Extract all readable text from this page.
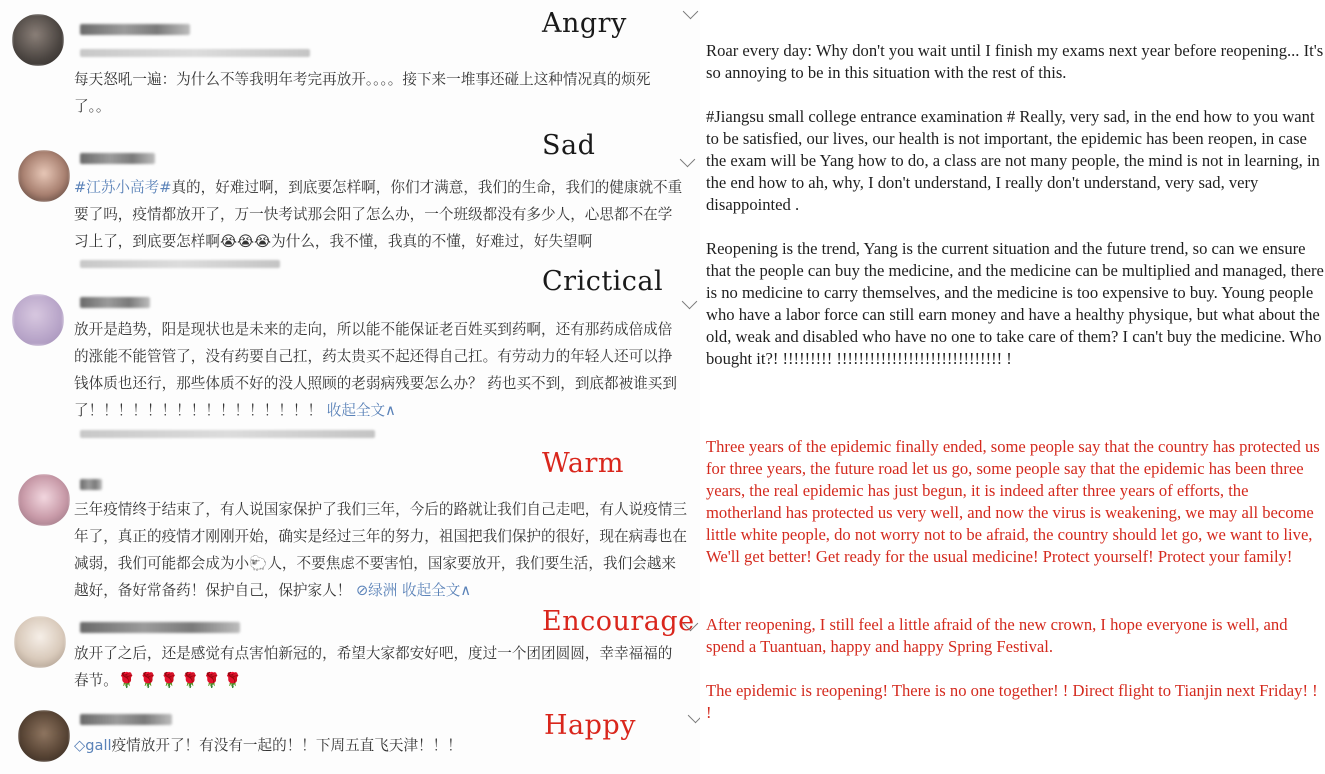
Angry
每天怒吼一遍：为什么不等我明年考完再放开。。。。接下来一堆事还碰上这种情况真的烦死了。。
Sad
#江苏小高考#真的，好难过啊，到底要怎样啊，你们才满意，我们的生命，我们的健康就不重要了吗，疫情都放开了，万一快考试那会阳了怎么办，一个班级都没有多少人，心思都不在学习上了，到底要怎样啊😭😭😭为什么，我不懂，我真的不懂，好难过，好失望啊
Crictical
放开是趋势，阳是现状也是未来的走向，所以能不能保证老百姓买到药啊，还有那药成倍成倍的涨能不能管管了，没有药要自己扛，药太贵买不起还得自己扛。有劳动力的年轻人还可以挣钱体质也还行，那些体质不好的没人照顾的老弱病残要怎么办？ 药也买不到，到底都被谁买到了！！！！！！！！！！！！！！！！ 收起全文∧
Warm
三年疫情终于结束了，有人说国家保护了我们三年，今后的路就让我们自己走吧，有人说疫情三年了，真正的疫情才刚刚开始，确实是经过三年的努力，祖国把我们保护的很好，现在病毒也在减弱，我们可能都会成为小🐑人，不要焦虑不要害怕，国家要放开，我们要生活，我们会越来越好，备好常备药！保护自己，保护家人！ ⊘绿洲 收起全文∧
Encourage
放开了之后，还是感觉有点害怕新冠的，希望大家都安好吧，度过一个团团圆圆，幸幸福福的春节。🌹🌹🌹🌹🌹🌹
Happy
◇gall疫情放开了！有没有一起的！！下周五直飞天津！！！
Roar every day: Why don't you wait until I finish my exams next year before reopening... It's so annoying to be in this situation with the rest of this.
#Jiangsu small college entrance examination # Really, very sad, in the end how to you want to be satisfied, our lives, our health is not important, the epidemic has been reopen, in case the exam will be Yang how to do, a class are not many people, the mind is not in learning, in the end how to ah, why, I don't understand, I really don't understand, very sad, very disappointed .
Reopening is the trend, Yang is the current situation and the future trend, so can we ensure that the people can buy the medicine, and the medicine can be multiplied and managed, there is no medicine to carry themselves, and the medicine is too expensive to buy. Young people who have a labor force can still earn money and have a healthy physique, but what about the old, weak and disabled who have no one to take care of them? I can't buy the medicine. Who bought it?! !!!!!!!!! !!!!!!!!!!!!!!!!!!!!!!!!!!!!!! !
Three years of the epidemic finally ended, some people say that the country has protected us for three years, the future road let us go, some people say that the epidemic has been three years, the real epidemic has just begun, it is indeed after three years of efforts, the motherland has protected us very well, and now the virus is weakening, we may all become little white people, do not worry not to be afraid, the country should let go, we want to live, We'll get better! Get ready for the usual medicine! Protect yourself! Protect your family!
After reopening, I still feel a little afraid of the new crown, I hope everyone is well, and spend a Tuantuan, happy and happy Spring Festival.
The epidemic is reopening! There is no one together! ! Direct flight to Tianjin next Friday! ! !
